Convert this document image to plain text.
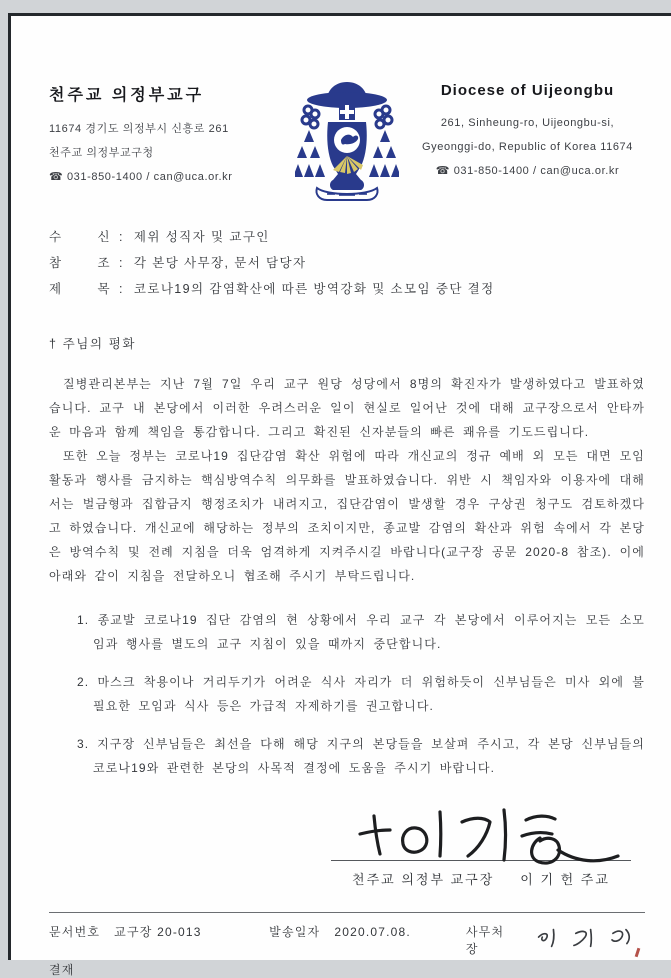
천주교 의정부교구
11674 경기도 의정부시 신흥로 261
천주교 의정부교구청
☎ 031-850-1400 / can@uca.or.kr
Diocese of Uijeongbu
261, Sinheung-ro, Uijeongbu-si,
Gyeonggi-do, Republic of Korea 11674
☎ 031-850-1400 / can@uca.or.kr
수	신 : 제위 성직자 및 교구인
참	조 : 각 본당 사무장, 문서 담당자
제	목 : 코로나19의 감염확산에 따른 방역강화 및 소모임 중단 결정
† 주님의 평화

질병관리본부는 지난 7월 7일 우리 교구 원당 성당에서 8명의 확진자가 발생하였다고 발표하였습니다. 교구 내 본당에서 이러한 우려스러운 일이 현실로 일어난 것에 대해 교구장으로서 안타까운 마음과 함께 책임을 통감합니다. 그리고 확진된 신자분들의 빠른 쾌유를 기도드립니다.

또한 오늘 정부는 코로나19 집단감염 확산 위험에 따라 개신교의 정규 예배 외 모든 대면 모임 활동과 행사를 금지하는 핵심방역수칙 의무화를 발표하였습니다. 위반 시 책임자와 이용자에 대해서는 벌금형과 집합금지 행정조치가 내려지고, 집단감염이 발생할 경우 구상권 청구도 검토하겠다고 하였습니다. 개신교에 해당하는 정부의 조치이지만, 종교발 감염의 확산과 위험 속에서 각 본당은 방역수칙 및 전례 지침을 더욱 엄격하게 지켜주시길 바랍니다(교구장 공문 2020-8 참조). 이에 아래와 같이 지침을 전달하오니 협조해 주시기 부탁드립니다.

1. 종교발 코로나19 집단 감염의 현 상황에서 우리 교구 각 본당에서 이루어지는 모든 소모임과 행사를 별도의 교구 지침이 있을 때까지 중단합니다.

2. 마스크 착용이나 거리두기가 어려운 식사 자리가 더 위험하듯이 신부님들은 미사 외에 불필요한 모임과 식사 등은 가급적 자제하기를 권고합니다.

3. 지구장 신부님들은 최선을 다해 해당 지구의 본당들을 보살펴 주시고, 각 본당 신부님들의 코로나19와 관련한 본당의 사목적 결정에 도움을 주시기 바랍니다.

천주교 의정부 교구장 이 기 헌 주교
문서번호 교구장 20-013	발송일자 2020.07.08.	사무처장
결재
